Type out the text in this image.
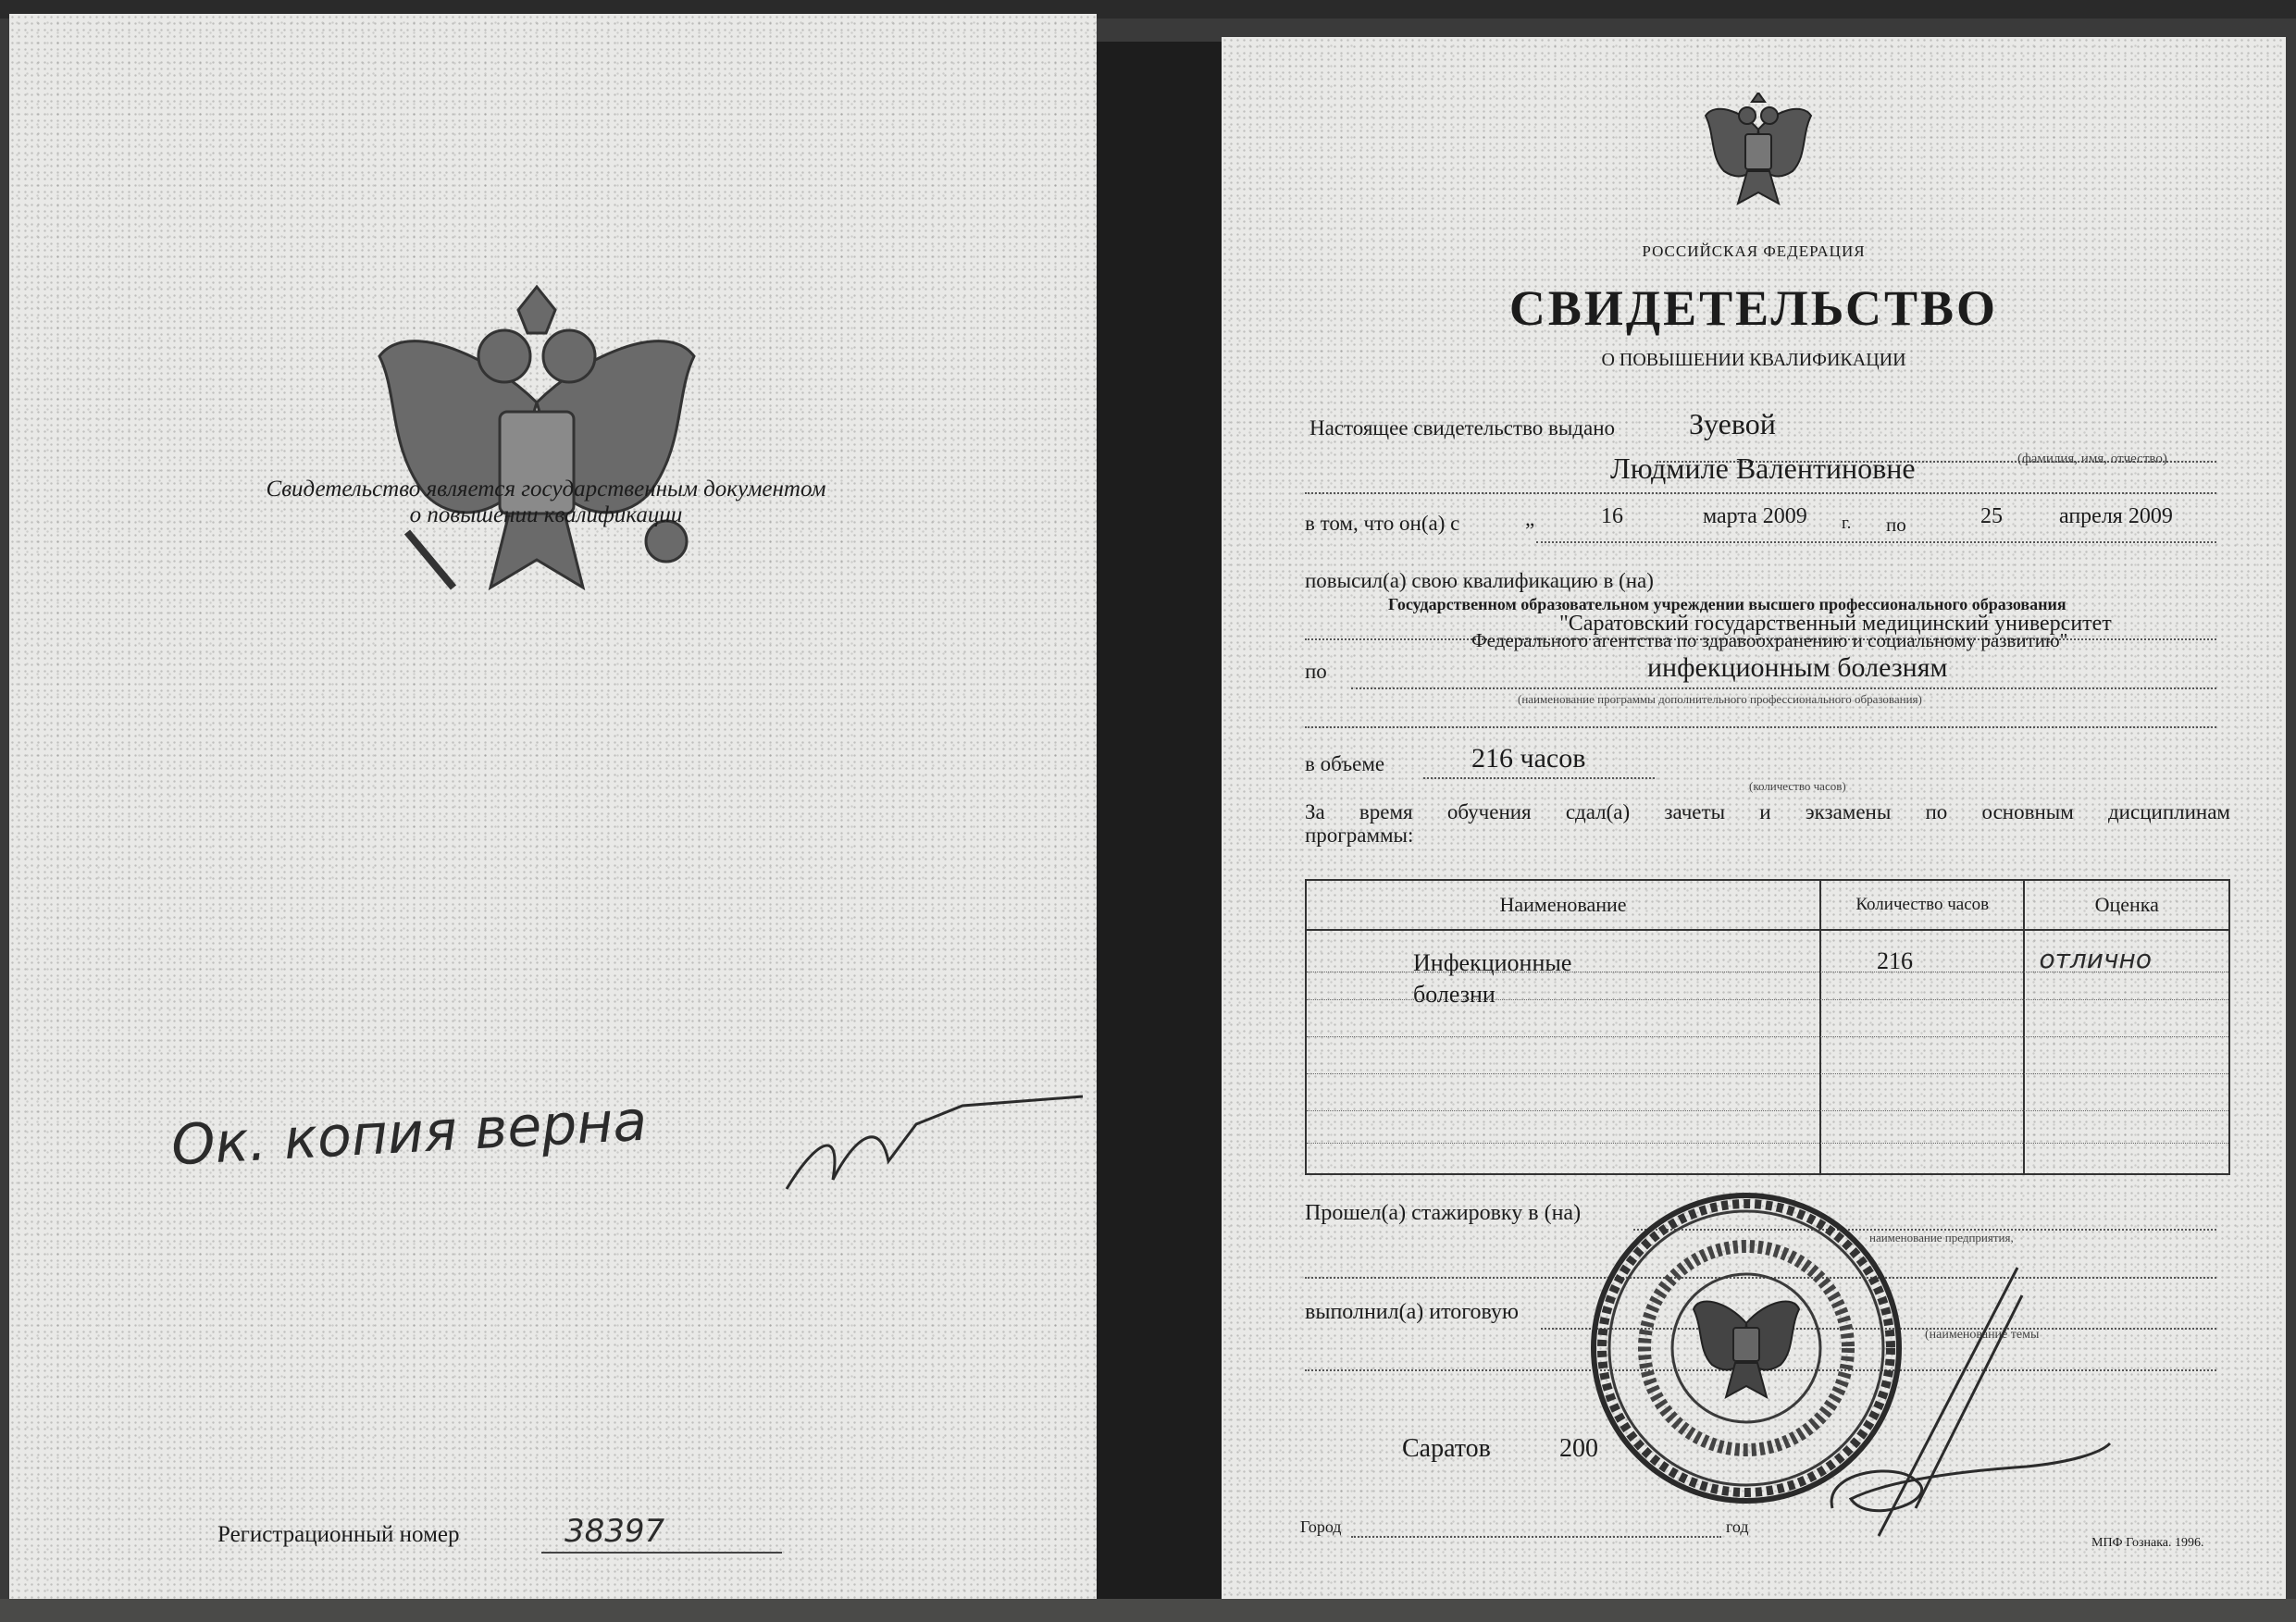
Свидетельство является государственным документом
о повышении квалификации
Ок. копия верна
Регистрационный номер	38397
РОССИЙСКАЯ ФЕДЕРАЦИЯ
СВИДЕТЕЛЬСТВО
О ПОВЫШЕНИИ КВАЛИФИКАЦИИ
Настоящее свидетельство выдано Зуевой
(фамилия, имя, отчество)
Людмиле Валентиновне
в том, что он(а) с	„	16	марта 2009 г. по	25	апреля 2009
повысил(а) свою квалификацию в (на)
Государственном образовательном учреждении высшего профессионального образования
"Саратовский государственный медицинский университет
Федерального агентства по здравоохранению и социальному развитию"
по	инфекционным болезням
(наименование программы дополнительного профессионального образования)
в объеме	216 часов
(количество часов)
За время обучения сдал(а) зачеты и экзамены по основным дисциплинам
программы:
Наименование	Количество часов	Оценка

Инфекционные
болезни	216	отлично
Прошел(а) стажировку в (на)
наименование предприятия,
выполнил(а) итоговую
(наименование темы
Саратов	200
Город	год
МПФ Гознака. 1996.
